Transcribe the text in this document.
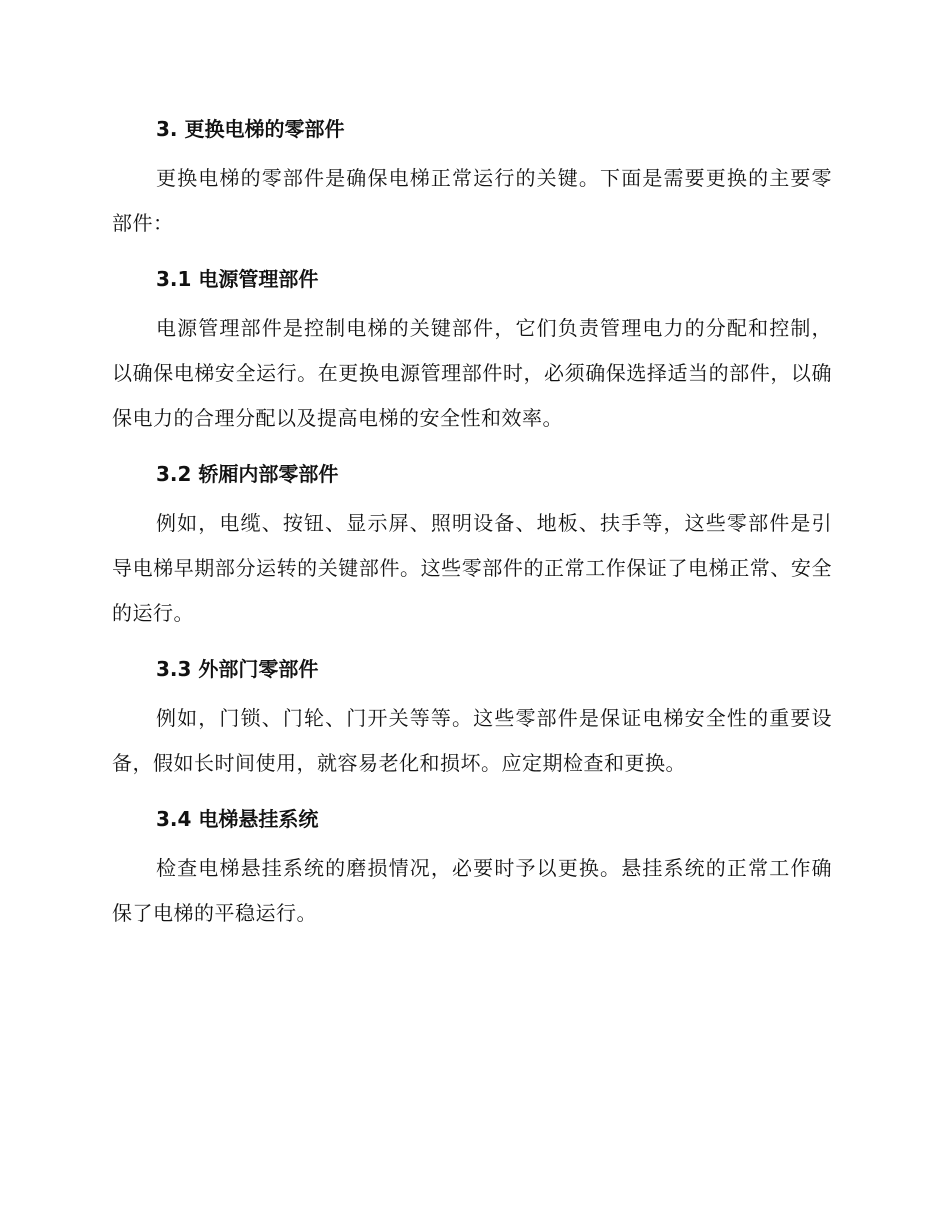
3. 更换电梯的零部件

更换电梯的零部件是确保电梯正常运行的关键。下面是需要更换的主要零部件：

3.1 电源管理部件

电源管理部件是控制电梯的关键部件，它们负责管理电力的分配和控制，以确保电梯安全运行。在更换电源管理部件时，必须确保选择适当的部件，以确保电力的合理分配以及提高电梯的安全性和效率。

3.2 轿厢内部零部件

例如，电缆、按钮、显示屏、照明设备、地板、扶手等，这些零部件是引导电梯早期部分运转的关键部件。这些零部件的正常工作保证了电梯正常、安全的运行。

3.3 外部门零部件

例如，门锁、门轮、门开关等等。这些零部件是保证电梯安全性的重要设备，假如长时间使用，就容易老化和损坏。应定期检查和更换。

3.4 电梯悬挂系统

检查电梯悬挂系统的磨损情况，必要时予以更换。悬挂系统的正常工作确保了电梯的平稳运行。
